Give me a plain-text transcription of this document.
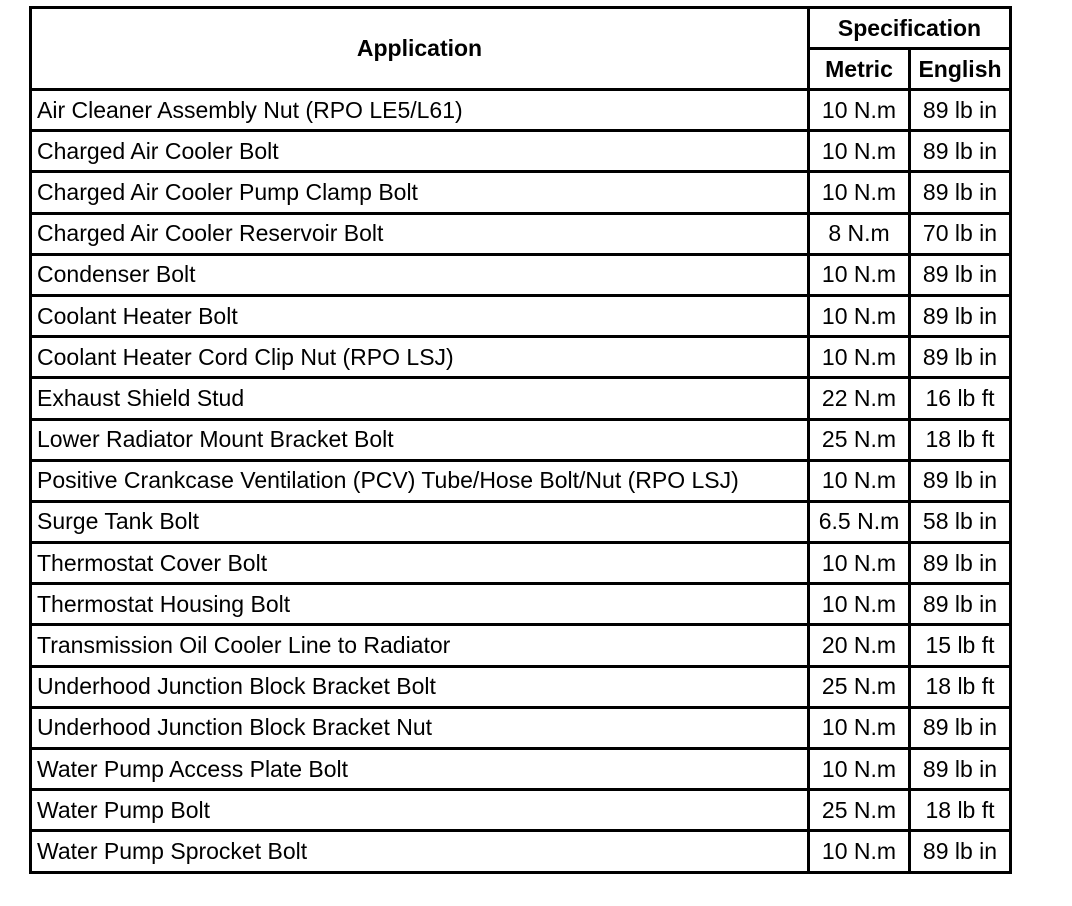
Application	Specification	
	Metric	English
Air Cleaner Assembly Nut (RPO LE5/L61)	10 N.m	89 lb in
Charged Air Cooler Bolt	10 N.m	89 lb in
Charged Air Cooler Pump Clamp Bolt	10 N.m	89 lb in
Charged Air Cooler Reservoir Bolt	8 N.m	70 lb in
Condenser Bolt	10 N.m	89 lb in
Coolant Heater Bolt	10 N.m	89 lb in
Coolant Heater Cord Clip Nut (RPO LSJ)	10 N.m	89 lb in
Exhaust Shield Stud	22 N.m	16 lb ft
Lower Radiator Mount Bracket Bolt	25 N.m	18 lb ft
Positive Crankcase Ventilation (PCV) Tube/Hose Bolt/Nut (RPO LSJ)	10 N.m	89 lb in
Surge Tank Bolt	6.5 N.m	58 lb in
Thermostat Cover Bolt	10 N.m	89 lb in
Thermostat Housing Bolt	10 N.m	89 lb in
Transmission Oil Cooler Line to Radiator	20 N.m	15 lb ft
Underhood Junction Block Bracket Bolt	25 N.m	18 lb ft
Underhood Junction Block Bracket Nut	10 N.m	89 lb in
Water Pump Access Plate Bolt	10 N.m	89 lb in
Water Pump Bolt	25 N.m	18 lb ft
Water Pump Sprocket Bolt	10 N.m	89 lb in
